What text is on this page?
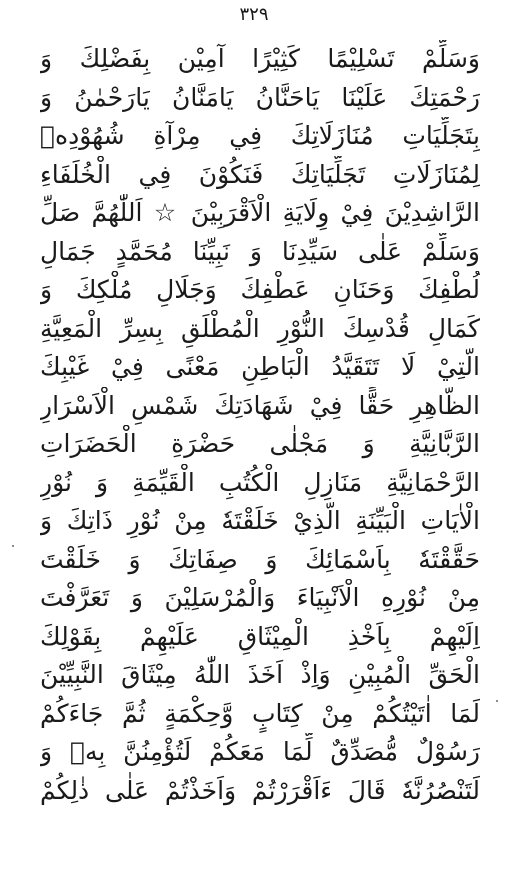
٣٢٩
وَسَلِّمْ تَسْلِيْمًا كَثِيْرًا آمِيْن بِفَضْلِكَ وَ
رَحْمَتِكَ عَلَيْنَا يَاحَنَّانُ يَامَنَّانُ يَارَحْمٰنُ وَ
بِتَجَلِّيَاتِ مُنَازَلَاتِكَ فِي مِرْآةِ شُهُوْدِهٖ
لِمُنَازَلَاتِ تَجَلِّيَاتِكَ فَنَكُوْنَ فِي الْخُلَفَاءِ
الرَّاشِدِيْنَ فِيْ وِلَايَةِ الْاَقْرَبِيْنَ ☆ اَللّٰهُمَّ صَلِّ
وَسَلِّمْ عَلٰى سَيِّدِنَا وَ نَبِيِّنَا مُحَمَّدٍ جَمَالِ
لُطْفِكَ وَحَنَانِ عَطْفِكَ وَجَلَالِ مُلْكِكَ وَ
كَمَالِ قُدْسِكَ النُّوْرِ الْمُطْلَقِ بِسِرِّ الْمَعِيَّةِ
الَّتِيْ لَا تَتَقَيَّدُ الْبَاطِنِ مَعْنًى فِيْ غَيْبِكَ
الظَّاهِرِ حَقًّا فِيْ شَهَادَتِكَ شَمْسِ الْاَسْرَارِ
الرَّبَّانِيَّةِ وَ مَجْلٰى حَضْرَةِ الْحَضَرَاتِ
الرَّحْمَانِيَّةِ مَنَازِلِ الْكُتُبِ الْقَيِّمَةِ وَ نُوْرِ
الْاٰيَاتِ الْبَيِّنَةِ الَّذِيْ خَلَقْتَهٗ مِنْ نُوْرِ ذَاتِكَ وَ
حَقَّقْتَهٗ بِاَسْمَائِكَ وَ صِفَاتِكَ وَ خَلَقْتَ
مِنْ نُوْرِهِ الْاَنْبِيَاءَ وَالْمُرْسَلِيْنَ وَ تَعَرَّفْتَ
اِلَيْهِمْ بِاَخْذِ الْمِيْثَاقِ عَلَيْهِمْ بِقَوْلِكَ
الْحَقِّ الْمُبِيْنِ وَاِذْ اَخَذَ اللّٰهُ مِيْثَاقَ النَّبِيِّيْنَ
لَمَا اٰتَيْتُكُمْ مِنْ كِتَابٍ وَّحِكْمَةٍ ثُمَّ جَاءَكُمْ
رَسُوْلٌ مُّصَدِّقٌ لِّمَا مَعَكُمْ لَتُؤْمِنُنَّ بِهٖ وَ
لَتَنْصُرُنَّهٗ قَالَ ءَاَقْرَرْتُمْ وَاَخَذْتُمْ عَلٰى ذٰلِكُمْ
